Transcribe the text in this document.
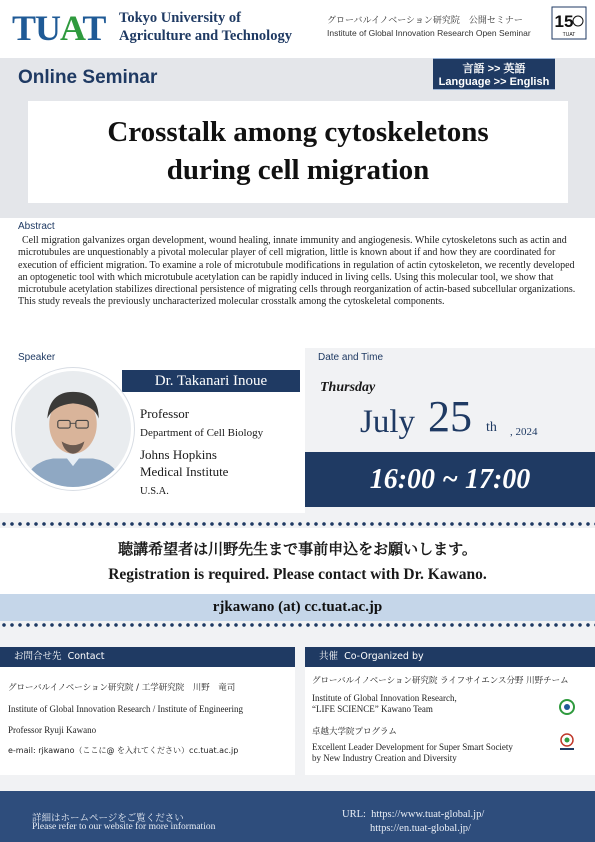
TUAT Tokyo University of
Agriculture and Technology
グローバルイノベーション研究院　公開セミナー
Institute of Global Innovation Research Open Seminar
15
TUAT
Online Seminar	言語 >> 英語
Language >> English
Crosstalk among cytoskeletons
during cell migration
Abstract
Cell migration galvanizes organ development, wound healing, innate immunity and angiogenesis. While cytoskeletons such as actin and microtubules are unquestionably a pivotal molecular player of cell migration, little is known about if and how they are coordinated for execution of efficient migration. To examine a role of microtubule modifications in regulation of actin cytoskeleton, we recently developed an optogenetic tool with which microtubule acetylation can be rapidly induced in living cells. Using this molecular tool, we show that microtubule acetylation stabilizes directional persistence of migrating cells through reorganization of actin-based subcellular organizations. This study reveals the previously uncharacterized molecular crosstalk among the cytoskeletal components.
Speaker
Dr. Takanari Inoue
Professor
Department of Cell Biology
Johns Hopkins
Medical Institute
U.S.A.
Date and Time
Thursday
July 25 th , 2024
16:00 ~ 17:00
聴講希望者は川野先生まで事前申込をお願いします。
Registration is required. Please contact with Dr. Kawano.
rjkawano (at) cc.tuat.ac.jp
お問合せ先 Contact
グローバルイノベーション研究院 / 工学研究院　川野　竜司
Institute of Global Innovation Research / Institute of Engineering
Professor Ryuji Kawano
e-mail: rjkawano（ここに@ を入れてください）cc.tuat.ac.jp
共催 Co-Organized by
グローバルイノベーション研究院 ライフサイエンス分野 川野チーム
Institute of Global Innovation Research,
“LIFE SCIENCE” Kawano Team
卓越大学院プログラム
Excellent Leader Development for Super Smart Society
by New Industry Creation and Diversity
詳細はホームページをご覧ください
Please refer to our website for more information
URL: https://www.tuat-global.jp/
https://en.tuat-global.jp/
